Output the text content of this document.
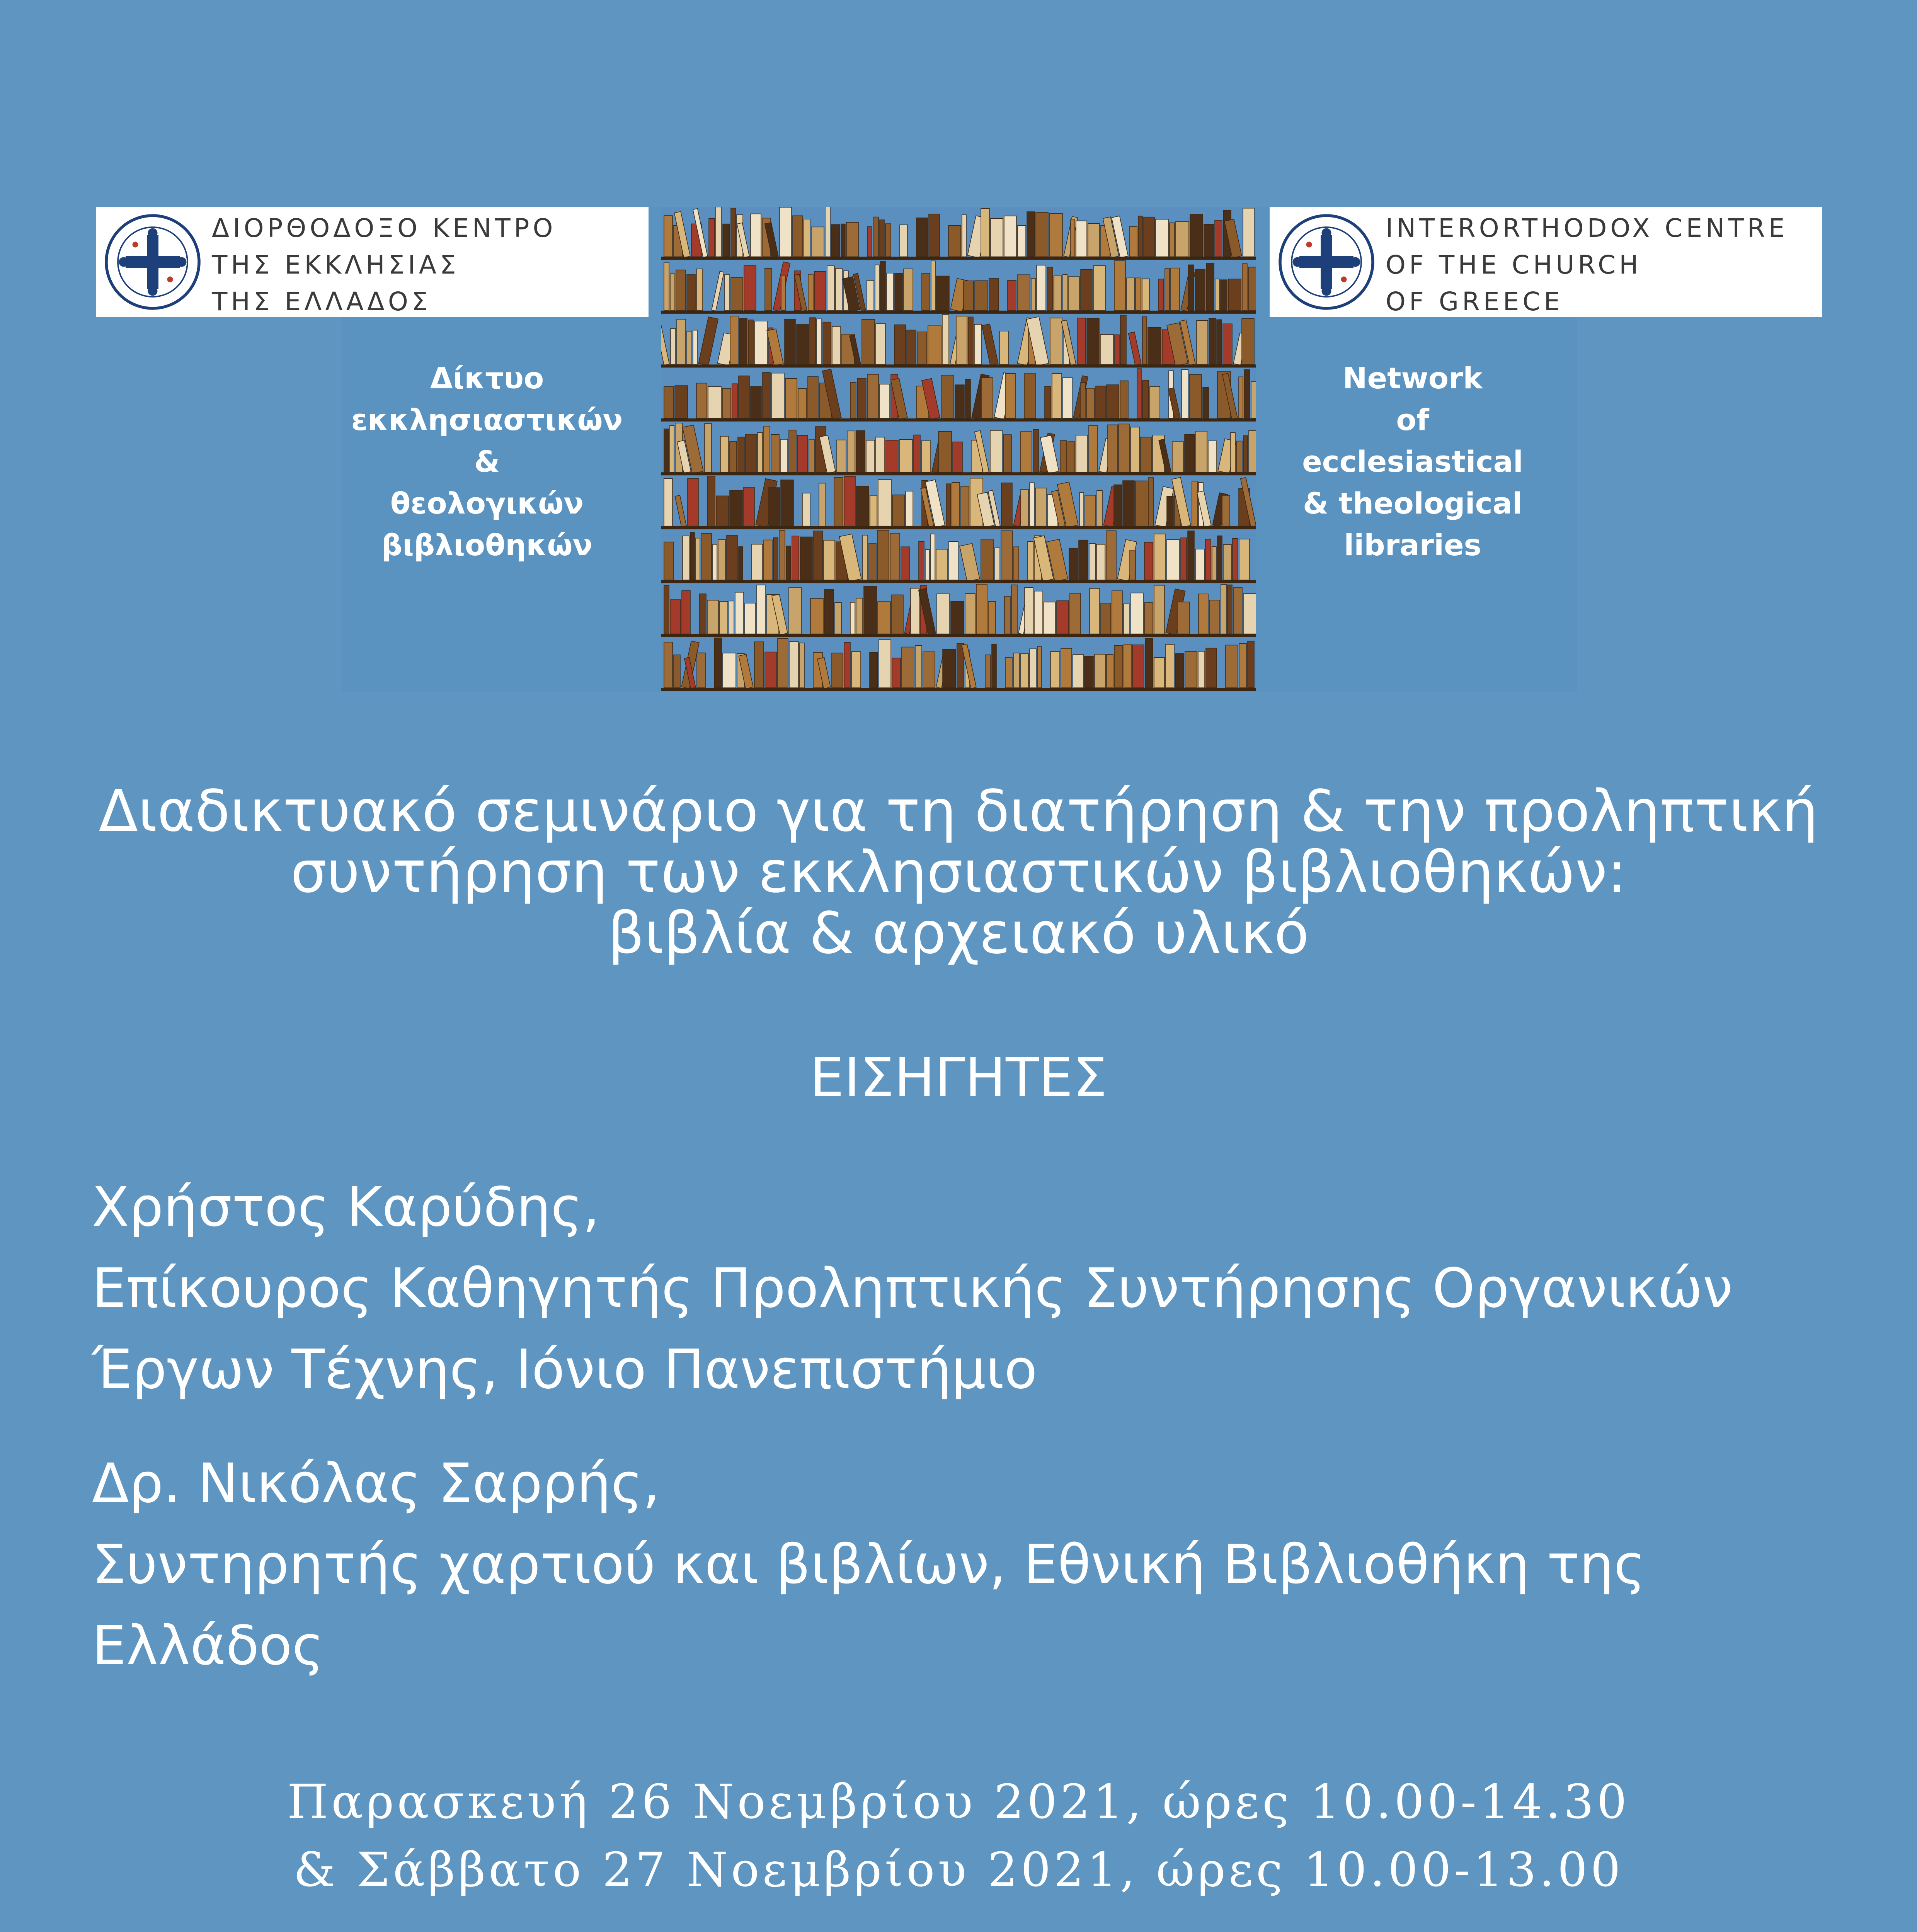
ΔΙΟΡΘΟΔΟΞΟ ΚΕΝΤΡΟ
ΤΗΣ ΕΚΚΛΗΣΙΑΣ
ΤΗΣ ΕΛΛΑΔΟΣ
INTERORTHODOX CENTRE
OF THE CHURCH
OF GREECE
Δίκτυο
εκκλησιαστικών
&
θεολογικών
βιβλιοθηκών
Network
of
ecclesiastical
& theological
libraries
Διαδικτυακό σεμινάριο για τη διατήρηση & την προληπτική
συντήρηση των εκκλησιαστικών βιβλιοθηκών:
βιβλία & αρχειακό υλικό
ΕΙΣΗΓΗΤΕΣ
Χρήστος Καρύδης,
Επίκουρος Καθηγητής Προληπτικής Συντήρησης Οργανικών
Έργων Τέχνης, Ιόνιο Πανεπιστήμιο
Δρ. Νικόλας Σαρρής,
Συντηρητής χαρτιού και βιβλίων, Εθνική Βιβλιοθήκη της
Ελλάδος
Παρασκευή 26 Νοεμβρίου 2021, ώρες 10.00-14.30
& Σάββατο 27 Νοεμβρίου 2021, ώρες 10.00-13.00
